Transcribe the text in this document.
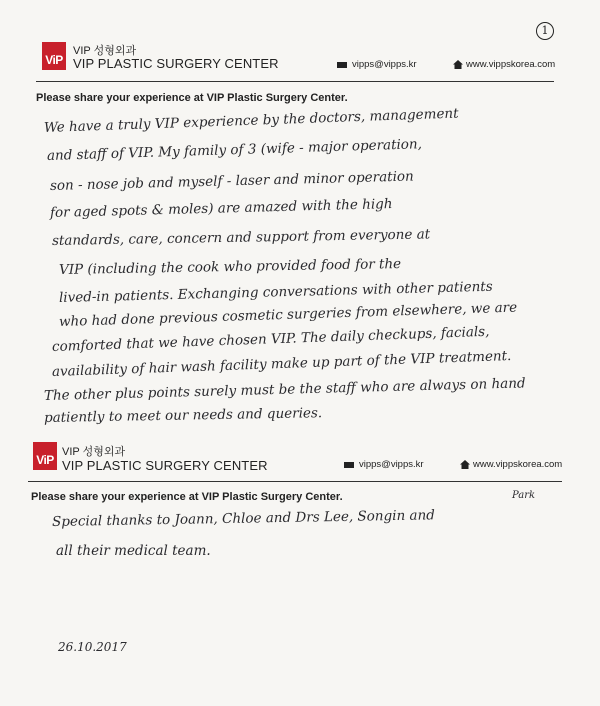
1
ViP
VIP 성형외과
VIP PLASTIC SURGERY CENTER	vipps@vipps.kr	www.vippskorea.com
Please share your experience at VIP Plastic Surgery Center.
We have a truly VIP experience by the doctors, management
and staff of VIP. My family of 3 (wife - major operation,
son - nose job and myself - laser and minor operation
for aged spots & moles) are amazed with the high
standards, care, concern and support from everyone at
VIP (including the cook who provided food for the
lived-in patients. Exchanging conversations with other patients
who had done previous cosmetic surgeries from elsewhere, we are
comforted that we have chosen VIP. The daily checkups, facials,
availability of hair wash facility make up part of the VIP treatment.
The other plus points surely must be the staff who are always on hand
patiently to meet our needs and queries.
ViP
VIP 성형외과
VIP PLASTIC SURGERY CENTER	vipps@vipps.kr	www.vippskorea.com
Please share your experience at VIP Plastic Surgery Center.	Park
Special thanks to Joann, Chloe and Drs Lee, Songin and
all their medical team.
26.10.2017
